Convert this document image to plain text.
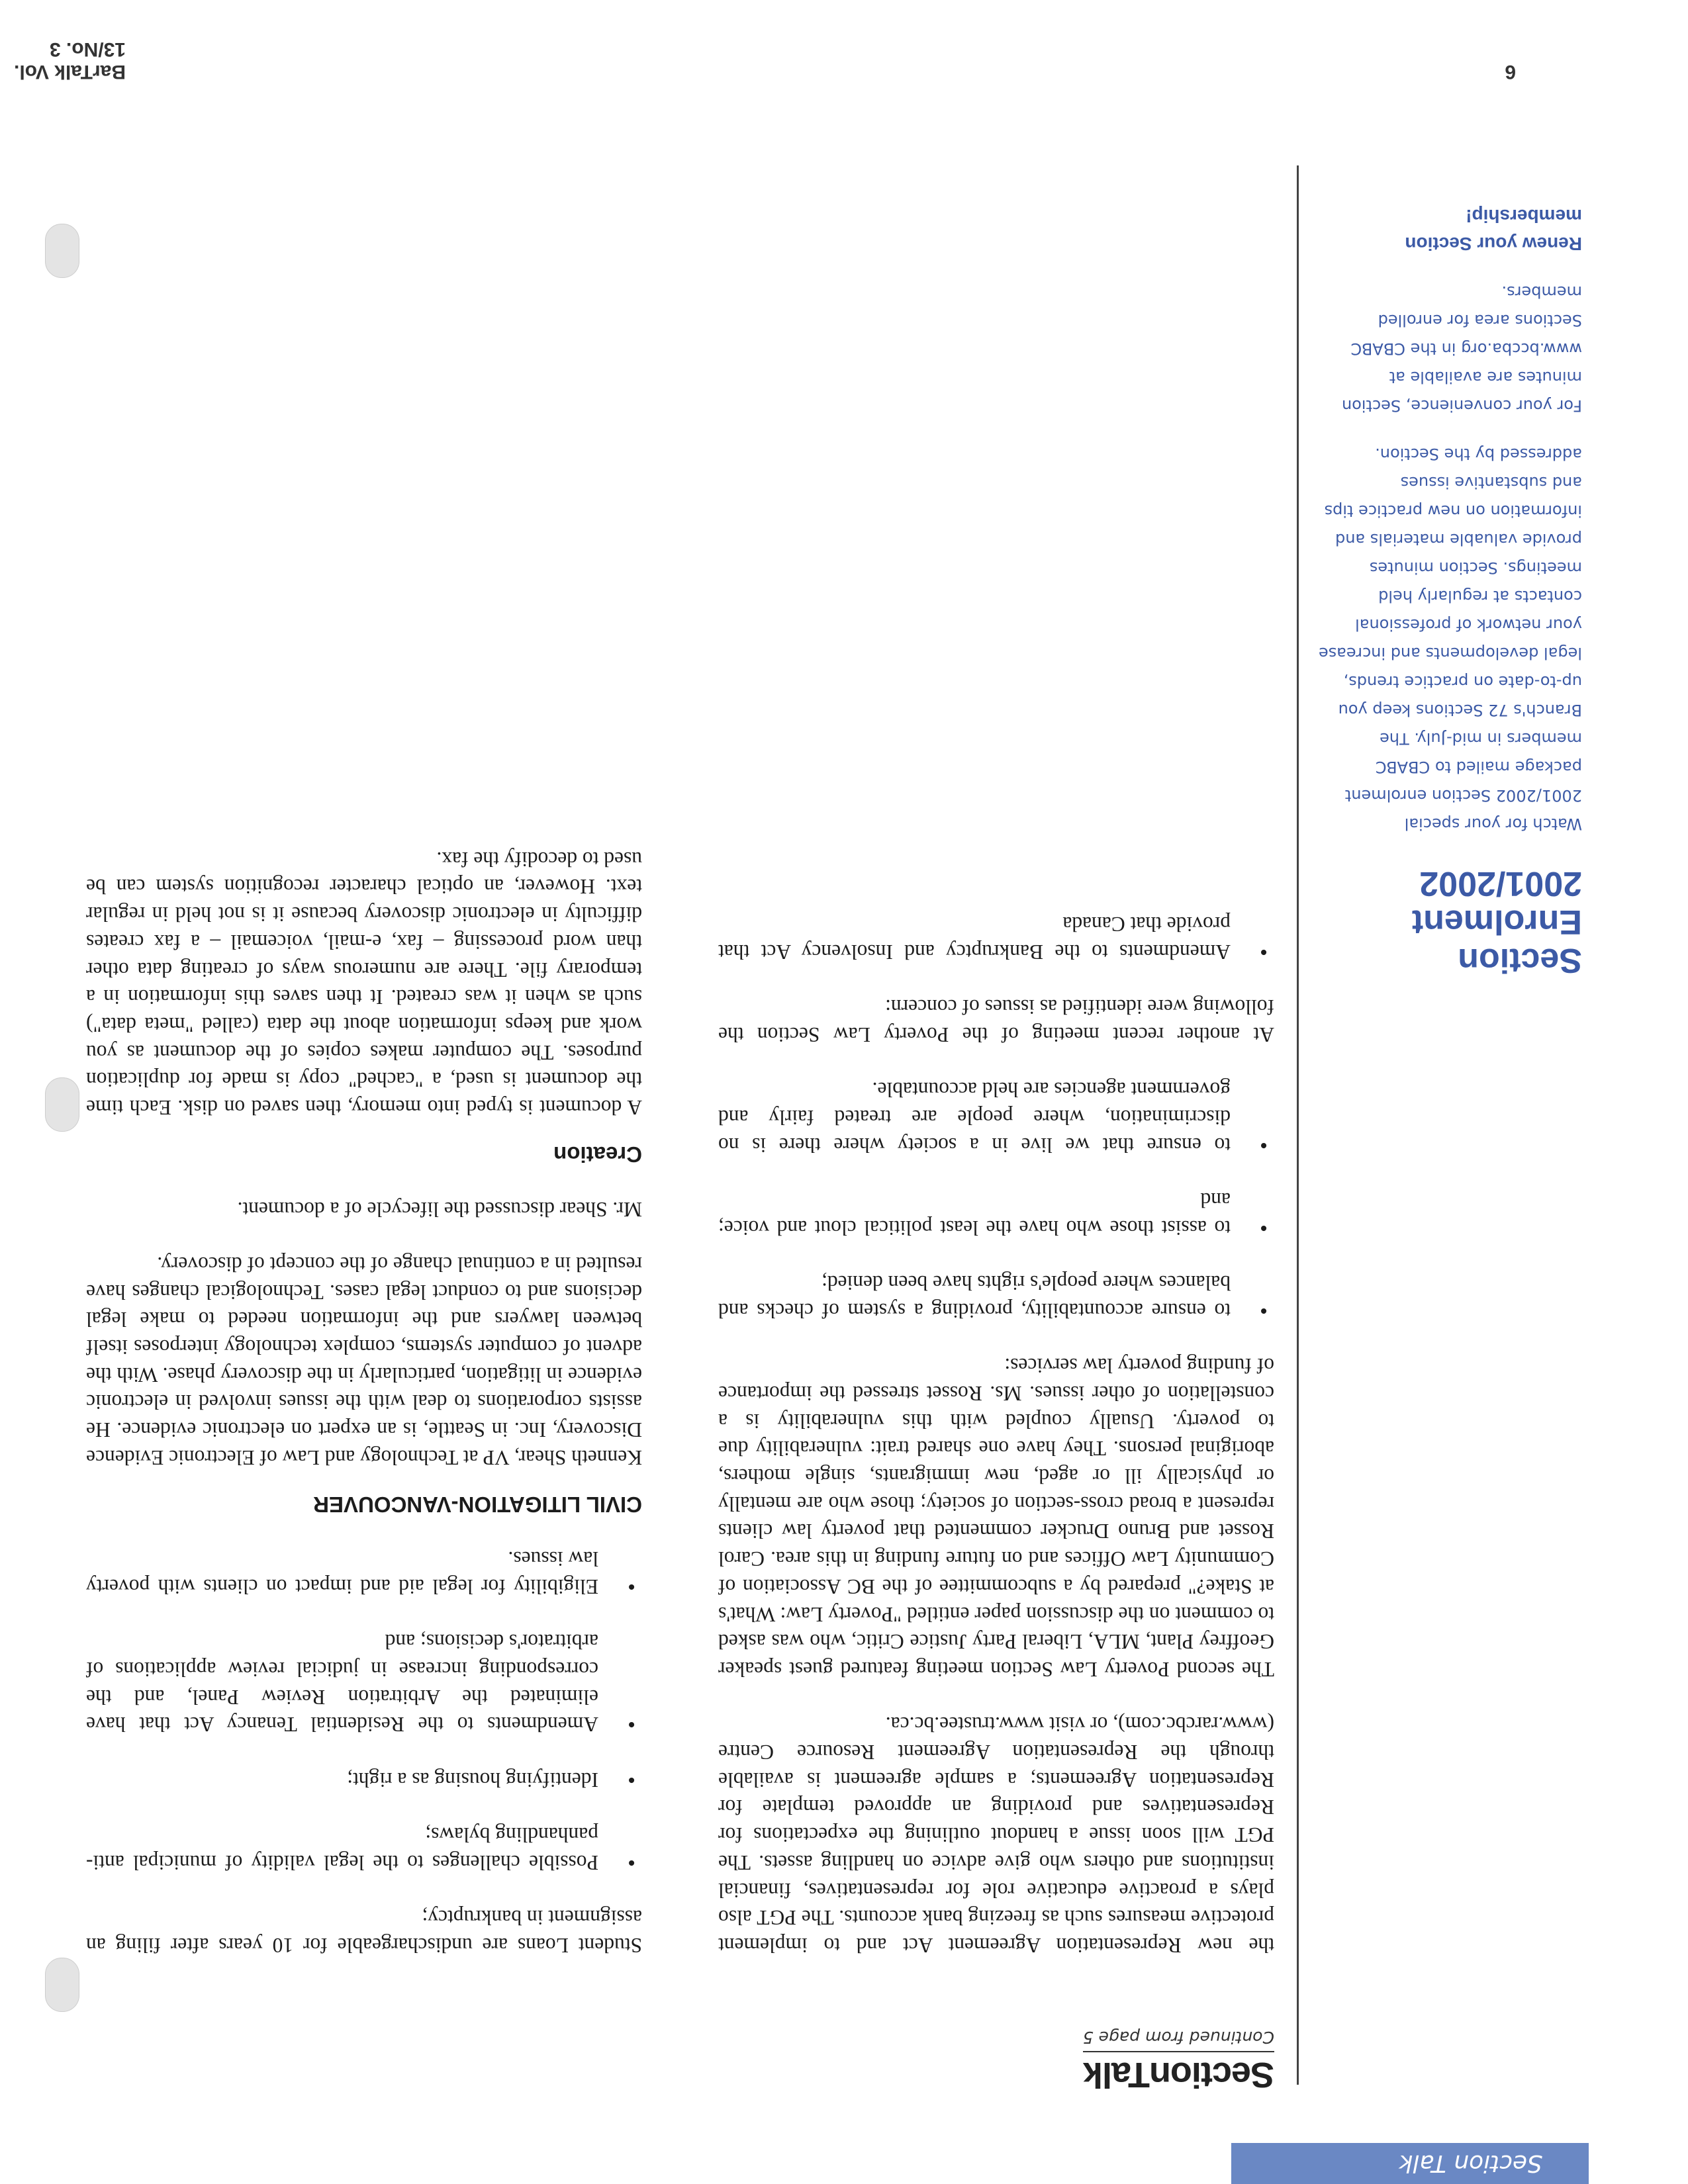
Section Talk
6
BarTalk Vol. 13/No. 3
Section Enrolment 2001/2002

Watch for your special 2001/2002 Section enrolment package mailed to CBABC members in mid-July. The Branch's 72 Sections keep you up-to-date on practice trends, legal developments and increase your network of professional contacts at regularly held meetings. Section minutes provide valuable materials and information on new practice tips and substantive issues addressed by the Section.

For your convenience, Section minutes are available at www.bccba.org in the CBABC Sections area for enrolled members.

Renew your Section membership!

SectionTalk
Continued from page 5

the new Representation Agreement Act and to implement protective measures such as freezing bank accounts. The PGT also plays a proactive educative role for representatives, financial institutions and others who give advice on handling assets. The PGT will soon issue a handout outlining the expectations for Representatives and providing an approved template for Representation Agreements; a sample agreement is available through the Representation Agreement Resource Centre (www.rarcbc.com), or visit www.trustee.bc.ca.

The second Poverty Law Section meeting featured guest speaker Geoffrey Plant, MLA, Liberal Party Justice Critic, who was asked to comment on the discussion paper entitled "Poverty Law: What's at Stake?" prepared by a subcommittee of the BC Association of Community Law Offices and on future funding in this area. Carol Rosset and Bruno Drucker commented that poverty law clients represent a broad cross-section of society; those who are mentally or physically ill or aged, new immigrants, single mothers, aboriginal persons. They have one shared trait: vulnerability due to poverty. Usually coupled with this vulnerability is a constellation of other issues. Ms. Rosset stressed the importance of funding poverty law services:

• to ensure accountability, providing a system of checks and balances where people's rights have been denied;
• to assist those who have the least political clout and voice; and
• to ensure that we live in a society where there is no discrimination, where people are treated fairly and government agencies are held accountable.

At another recent meeting of the Poverty Law Section the following were identified as issues of concern:

• Amendments to the Bankruptcy and Insolvency Act that provide that Canada

Student Loans are undischargeable for 10 years after filing an assignment in bankruptcy;

• Possible challenges to the legal validity of municipal anti-panhandling bylaws;
• Identifying housing as a right;
• Amendments to the Residential Tenancy Act that have eliminated the Arbitration Review Panel, and the corresponding increase in judicial review applications of arbitrator's decisions; and
• Eligibility for legal aid and impact on clients with poverty law issues.
CIVIL LITIGATION-VANCOUVER

Kenneth Shear, VP at Technology and Law of Electronic Evidence Discovery, Inc. in Seattle, is an expert on electronic evidence. He assists corporations to deal with the issues involved in electronic evidence in litigation, particularly in the discovery phase. With the advent of computer systems, complex technology interposes itself between lawyers and the information needed to make legal decisions and to conduct legal cases. Technological changes have resulted in a continual change of the concept of discovery.

Mr. Shear discussed the lifecycle of a document.

Creation

A document is typed into memory, then saved on disk. Each time the document is used, a "cached" copy is made for duplication purposes. The computer makes copies of the document as you work and keeps information about the data (called "meta data") such as when it was created. It then saves this information in a temporary file. There are numerous ways of creating data other than word processing – fax, e-mail, voicemail – a fax creates difficulty in electronic discovery because it is not held in regular text. However, an optical character recognition system can be used to decodify the fax.
